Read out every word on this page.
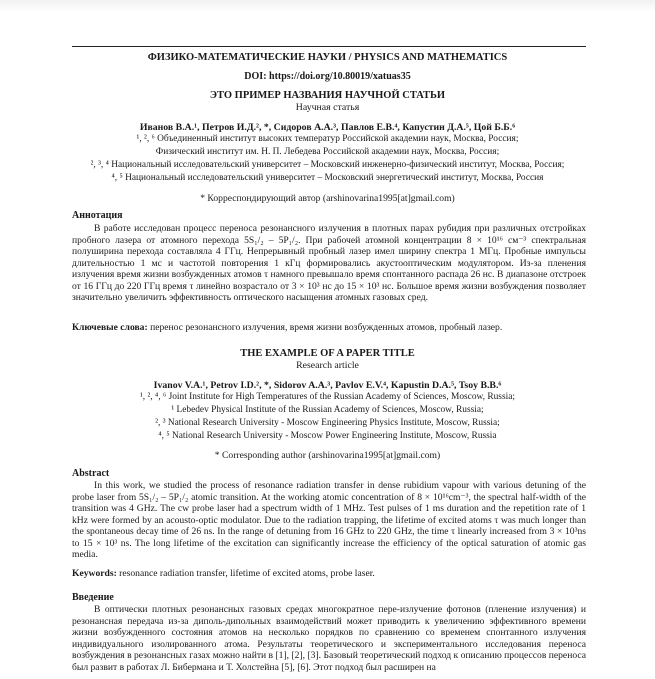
ФИЗИКО-МАТЕМАТИЧЕСКИЕ НАУКИ / PHYSICS AND MATHEMATICS
DOI: https://doi.org/10.80019/xatuas35
ЭТО ПРИМЕР НАЗВАНИЯ НАУЧНОЙ СТАТЬИ
Научная статья
Иванов В.А.¹, Петров И.Д.², *, Сидоров А.А.³, Павлов Е.В.⁴, Капустин Д.А.⁵, Цой Б.Б.⁶
¹, ², ⁶ Объединенный институт высоких температур Российской академии наук, Москва, Россия;
Физический институт им. Н. П. Лебедева Российской академии наук, Москва, Россия;
², ³, ⁴ Национальный исследовательский университет – Московский инженерно-физический институт, Москва, Россия;
⁴, ⁵ Национальный исследовательский университет – Московский энергетический институт, Москва, Россия
* Корреспондирующий автор (arshinovarina1995[at]gmail.com)
Аннотация
В работе исследован процесс переноса резонансного излучения в плотных парах рубидия при различных отстройках пробного лазера от атомного перехода 5S₁/₂ – 5P₁/₂. При рабочей атомной концентрации 8 × 10¹⁶ см⁻³ спектральная полуширина перехода составляла 4 ГГц. Непрерывный пробный лазер имел ширину спектра 1 МГц. Пробные импульсы длительностью 1 мс и частотой повторения 1 кГц формировались акустооптическим модулятором. Из-за пленения излучения время жизни возбужденных атомов τ намного превышало время спонтанного распада 26 нс. В диапазоне отстроек от 16 ГГц до 220 ГГц время τ линейно возрастало от 3 × 10³ нс до 15 × 10³ нс. Большое время жизни возбуждения позволяет значительно увеличить эффективность оптического насыщения атомных газовых сред.
Ключевые слова: перенос резонансного излучения, время жизни возбужденных атомов, пробный лазер.
THE EXAMPLE OF A PAPER TITLE
Research article
Ivanov V.A.¹, Petrov I.D.², *, Sidorov A.A.³, Pavlov E.V.⁴, Kapustin D.A.⁵, Tsoy B.B.⁶
¹, ², ⁴, ⁶ Joint Institute for High Temperatures of the Russian Academy of Sciences, Moscow, Russia;
¹ Lebedev Physical Institute of the Russian Academy of Sciences, Moscow, Russia;
², ³ National Research University - Moscow Engineering Physics Institute, Moscow, Russia;
⁴, ⁵ National Research University - Moscow Power Engineering Institute, Moscow, Russia
* Corresponding author (arshinovarina1995[at]gmail.com)
Abstract
In this work, we studied the process of resonance radiation transfer in dense rubidium vapour with various detuning of the probe laser from 5S₁/₂ – 5P₁/₂ atomic transition. At the working atomic concentration of 8 × 10¹⁶cm⁻³, the spectral half-width of the transition was 4 GHz. The cw probe laser had a spectrum width of 1 MHz. Test pulses of 1 ms duration and the repetition rate of 1 kHz were formed by an acousto-optic modulator. Due to the radiation trapping, the lifetime of excited atoms τ was much longer than the spontaneous decay time of 26 ns. In the range of detuning from 16 GHz to 220 GHz, the time τ linearly increased from 3 × 10³ns to 15 × 10³ ns. The long lifetime of the excitation can significantly increase the efficiency of the optical saturation of atomic gas media.
Keywords: resonance radiation transfer, lifetime of excited atoms, probe laser.
Введение
В оптически плотных резонансных газовых средах многократное пере-излучение фотонов (пленение излучения) и резонансная передача из-за диполь-дипольных взаимодействий может приводить к увеличению эффективного времени жизни возбужденного состояния атомов на несколько порядков по сравнению со временем спонтанного излучения индивидуального изолированного атома. Результаты теоретического и экспериментального исследования переноса возбуждения в резонансных газах можно найти в [1], [2], [3]. Базовый теоретический подход к описанию процессов переноса был развит в работах Л. Бибермана и Т. Холстейна [5], [6]. Этот подход был расширен на
